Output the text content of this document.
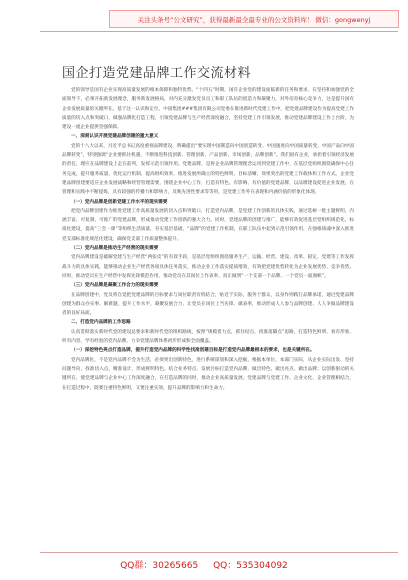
关注头条号“公文研究”，获得最新最全最专业的公文资料库！ 微信：gongwenyj
国企打造党建品牌工作交流材料

党的领导是国有企业实现高质量发展的根本保障和独特优势。“十四五”时期，国有企业党的建设面临新的任务和要求，在坚持和加强党的全面领导下，必须开拓新发展理念，服务新发展格局，对内充分激发党员员工和职工队伍的创造力和凝聚力，对外培育核心竞争力，这是提升国有企业发展质量的关键所在。基于这一认识和定位，中国集团###集团有限公司党委在推进新时代党建工作中，把党建品牌建设作为提高党建工作质量的切入点和突破口，做强品牌化打造工程，引领党建品牌与生产经营深度融合，坚持党建工作引领发展，推动党建品牌建设工作上台阶，为建设一流企业提供坚强保障。

一、深刻认识开展党建品牌创建的重大意义

党的十八大以来，习近平总书记高度重视品牌建设，明确提出“要实现中国制造向中国创造转变、中国速度向中国质量转变、中国产品向中国品牌转变”，特别强调“企业要抓住机遇，不断推进科技创新、管理创新、产品创新、市场创新，品牌创新”。我们国有企业，承担着引领经济发展的责任，理应在品牌建设上走在前列，发挥示范引领作用。党建品牌，是将企业品牌管理理念运用到党建工作中，在基层党组织围绕确保中心任务完成，提升服务质量、优化运行机制、提高组织效率，推进发展所确立的特色鲜明、目标清晰、效果突出的党建工作载体和工作方式。企业党建品牌创建要适应企业发展战略和经营管理需要，围绕企业中心工作，打造有特色、有影响、有价值的党建品牌，以品牌建设促进企业发展，在管理和实践中不断提炼，具有较强的传播力和影响力，反映先进性要求等等用，是党建工作外在表现和内涵价值的形象化体现。

（一）党内品牌是创新党建工作水平的现实需要

把党内品牌创建作为推进党建工作高质量发展的切入点和突破口，打造党内品牌，是党建工作创新的具体实践，通过选树一批主题鲜明、内涵丰富、可复制、可推广的党建品牌，形成推动党建工作创新的强大合力。同时，党建品牌的创建与推广，能够有效促进基层党组织规范化、标准化建设，提高“三会一课”等组织生活质量，夯实基层基础，“品牌”的党建工作机制，在职工队伍中起到示范引领作用，在强根铸魂中深入推进党支部标准化规范化建设，确保党支部工作质量整体提升。

（二）党内品牌是推动生产经营的现实需要

党内品牌建设是破解党建与生产经营“两张皮”的有效手段，是基层党组织围绕服务生产，运输、经营、建设、改革、稳定、党建等工作发挥战斗力的具体实践，能够推动企业生产经营各项具体任务落实，推动企业工作落实提质增效，有效把党建优势转化为企业发展优势、竞争优势。同时，推动党员在生产经营中发挥先锋模范作用，推动党员在其岗位上作表率，真正做到“一个支部一个品牌、一个党员一面旗帜”。

（三）党内品牌是凝聚工作合力的现实需要

在品牌创建中，党员将自觉把党建品牌的目标要求与岗位职责有机结合，贴近于实际，服务于群众，以身作则践行品牌承诺，通过党建品牌创建为群众办实事、解难题，提升工作水平，凝聚发展合力，让党员在岗位上当先锋、做表率，推动形成人人参与品牌创建、人人争做品牌建设者的良好局面。

二、打造党内品牌的工作思路

认真贯彻落实新时代党的建设总要求和新时代党的组织路线，按照“规模着力点，抓住结点，找准落脚点”思路，打造特色鲜明、看有形象、听有内容、学有经验的党内品牌，力争党建品牌体系初步形成和全面覆盖。

（一）深挖特色亮点打造品牌，提升打造党内品牌的科学性找准创建目标是打造党内品牌最根本的要求，也是关键所在。

党内品牌化，不是党内品牌不会为生活，必须突出创新特色，进行系统谋划和深入挖掘，根据本单位、本部门实际，从企业实际出发、坚持问题导向，找准切入点，精准设计，形成鲜明特色。结合业务特点、发展目标打造党内品牌，做出特色、做出亮点、做出品牌；以创新驱动的关键所在，使党建品牌与企业中心工作深度融合，在打造品牌的同时，推动企业高质量发展。党建品牌与党建工作、企业文化、企业管理相结合，在打造过程中，既要注重特色鲜明，又要注重实效，提升品牌的影响力和生命力。

QQ群：30265665 QQ：535304092
